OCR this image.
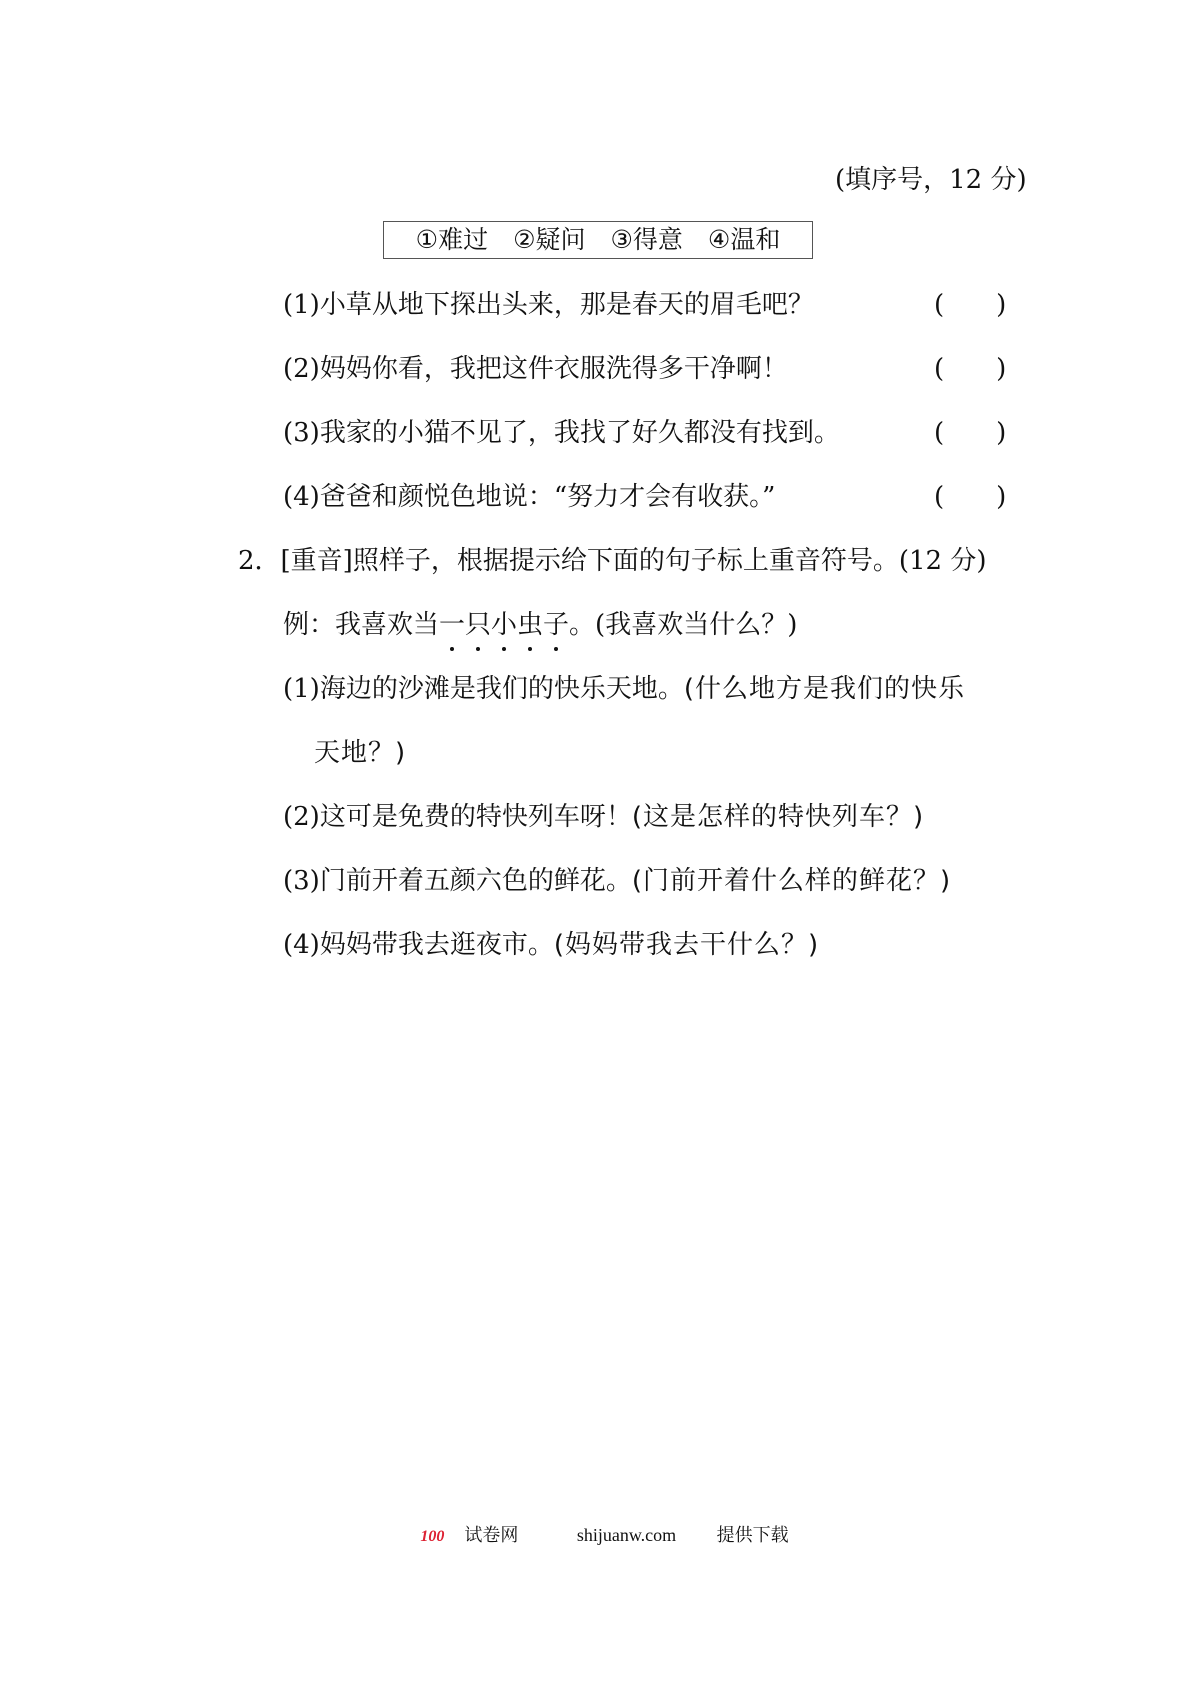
(填序号，12 分)
①难过　②疑问　③得意　④温和
(1)小草从地下探出头来，那是春天的眉毛吧？	(　　)
(2)妈妈你看，我把这件衣服洗得多干净啊！	(　　)
(3)我家的小猫不见了，我找了好久都没有找到。	(　　)
(4)爸爸和颜悦色地说：“努力才会有收获。”	(　　)
2．[重音]照样子，根据提示给下面的句子标上重音符号。(12 分)
例：我喜欢当一只小虫子
。(我喜欢当什么？)
(1)海边的沙滩是我们的快乐天地。(什么地方是我们的快乐
天地？)
(2)这可是免费的特快列车呀！(这是怎样的特快列车？)
(3)门前开着五颜六色的鲜花。(门前开着什么样的鲜花？)
(4)妈妈带我去逛夜市。(妈妈带我去干什么？)
100 试卷网	shijuanw.com 提供下载
